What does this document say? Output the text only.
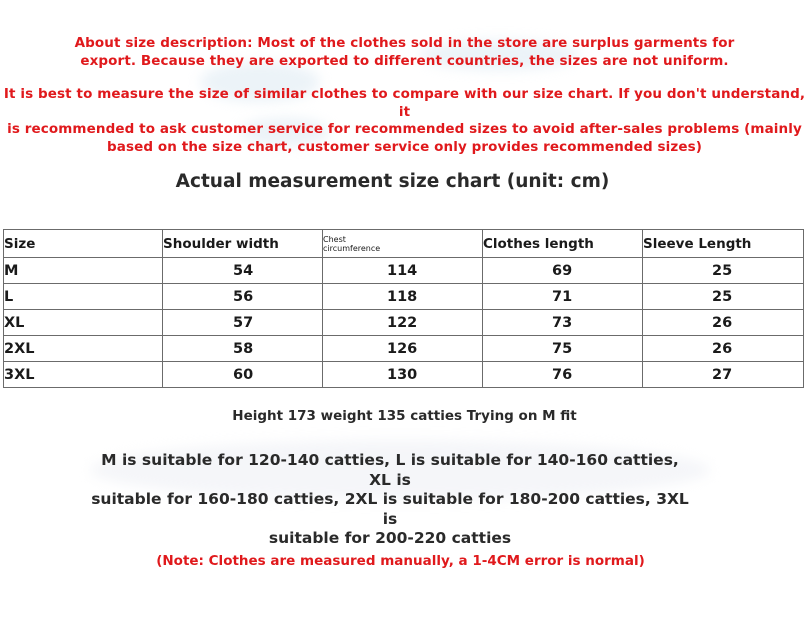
About size description: Most of the clothes sold in the store are surplus garments for
export. Because they are exported to different countries, the sizes are not uniform.
It is best to measure the size of similar clothes to compare with our size chart. If you don't understand, it
is recommended to ask customer service for recommended sizes to avoid after-sales problems (mainly
based on the size chart, customer service only provides recommended sizes)
Actual measurement size chart (unit: cm)
Size	Shoulder width	Chest circumference	Clothes length	Sleeve Length
M	54	114	69	25
L	56	118	71	25
XL	57	122	73	26
2XL	58	126	75	26
3XL	60	130	76	27
Height 173 weight 135 catties Trying on M fit
M is suitable for 120-140 catties, L is suitable for 140-160 catties, XL is
suitable for 160-180 catties, 2XL is suitable for 180-200 catties, 3XL is
suitable for 200-220 catties
(Note: Clothes are measured manually, a 1-4CM error is normal)
